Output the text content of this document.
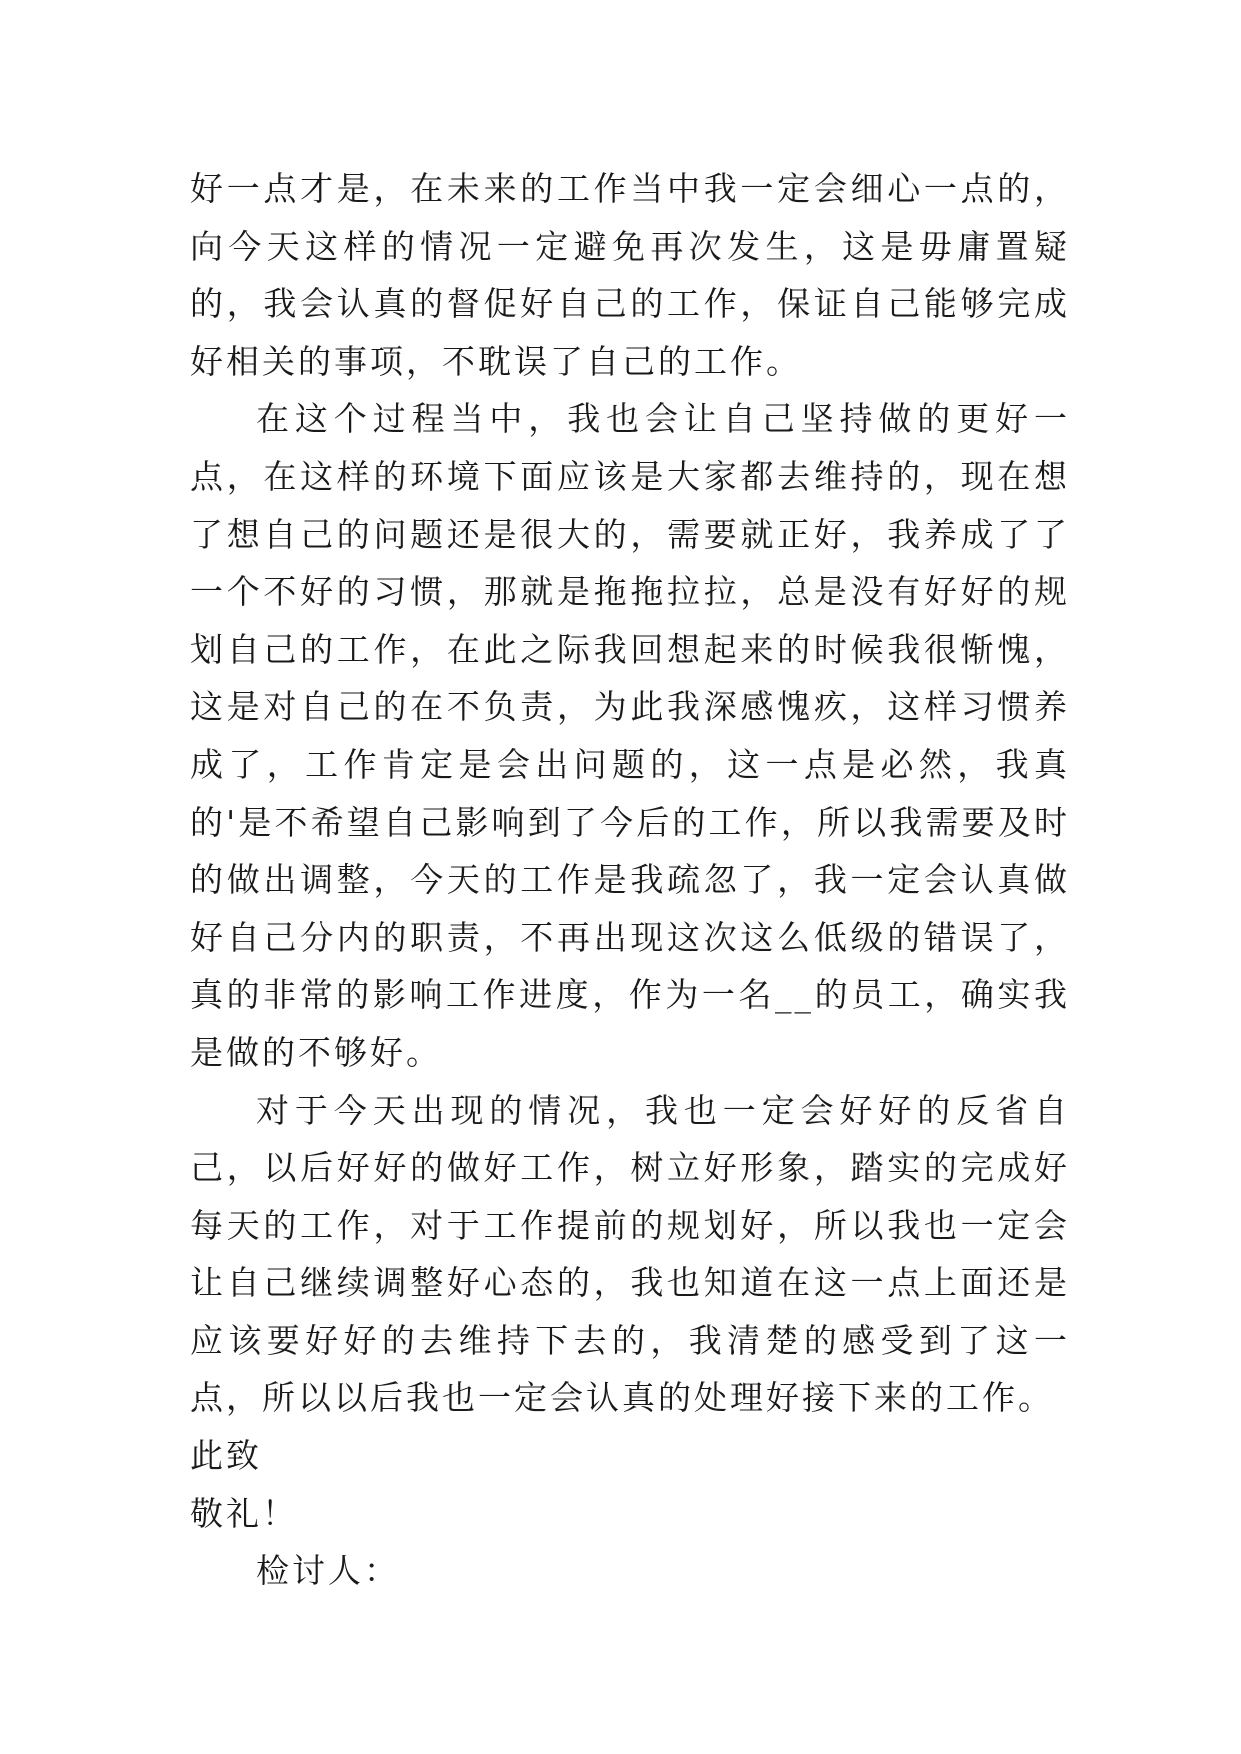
好一点才是，在未来的工作当中我一定会细心一点的，向今天这样的情况一定避免再次发生，这是毋庸置疑的，我会认真的督促好自己的工作，保证自己能够完成好相关的事项，不耽误了自己的工作。

在这个过程当中，我也会让自己坚持做的更好一点，在这样的环境下面应该是大家都去维持的，现在想了想自己的问题还是很大的，需要就正好，我养成了了一个不好的习惯，那就是拖拖拉拉，总是没有好好的规划自己的工作，在此之际我回想起来的时候我很惭愧，这是对自己的在不负责，为此我深感愧疚，这样习惯养成了，工作肯定是会出问题的，这一点是必然，我真的'是不希望自己影响到了今后的工作，所以我需要及时的做出调整，今天的工作是我疏忽了，我一定会认真做好自己分内的职责，不再出现这次这么低级的错误了，真的非常的影响工作进度，作为一名__的员工，确实我是做的不够好。

对于今天出现的情况，我也一定会好好的反省自己，以后好好的做好工作，树立好形象，踏实的完成好每天的工作，对于工作提前的规划好，所以我也一定会让自己继续调整好心态的，我也知道在这一点上面还是应该要好好的去维持下去的，我清楚的感受到了这一点，所以以后我也一定会认真的处理好接下来的工作。

此致

敬礼！

检讨人：
